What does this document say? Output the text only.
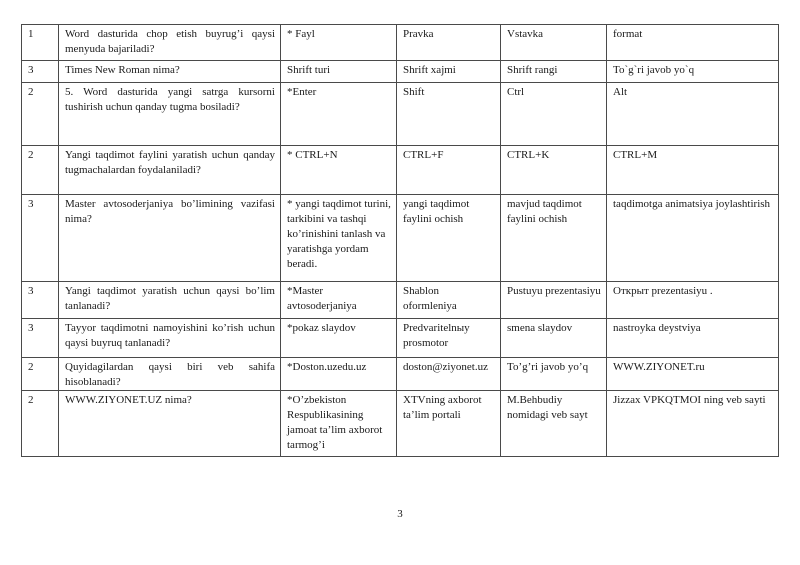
1	Word dasturida chop etish buyrug’i qaysi menyuda bajariladi?	* Fayl	Pravka	Vstavka	format
3	Times New Roman nima?	Shrift turi	Shrift xajmi	Shrift rangi	To`g`ri javob yo`q
2	5. Word dasturida yangi satrga kursorni tushirish uchun qanday tugma bosiladi?	*Enter	Shift	Ctrl	Alt
2	Yangi taqdimot faylini yaratish uchun qanday tugmachalardan foydalaniladi?	* CTRL+N	CTRL+F	CTRL+K	CTRL+M
3	Master avtosoderjaniya bo’limining vazifasi nima?	* yangi taqdimot turini, tarkibini va tashqi ko’rinishini tanlash va yaratishga yordam beradi.	yangi taqdimot faylini ochish	mavjud taqdimot faylini ochish	taqdimotga animatsiya joylashtirish
3	Yangi taqdimot yaratish uchun qaysi bo’lim tanlanadi?	*Master avtosoderjaniya	Shablon oformleniya	Pustuyu prezentasiyu	Открыт prezentasiyu .
3	Tayyor taqdimotni namoyishini ko’rish uchun qaysi buyruq tanlanadi?	*pokaz slaydov	Predvaritelnыy prosmotor	smena slaydov	nastroyka deystviya
2	Quyidagilardan qaysi biri veb sahifa hisoblanadi?	*Doston.uzedu.uz	doston@ziyonet.uz	To’g’ri javob yo’q	WWW.ZIYONET.ru
2	WWW.ZIYONET.UZ nima?	*O’zbekiston Respublikasining jamoat ta’lim axborot tarmog’i	XTVning axborot ta’lim portali	M.Behbudiy nomidagi veb sayt	Jizzax VPKQTMOI ning veb sayti
3
